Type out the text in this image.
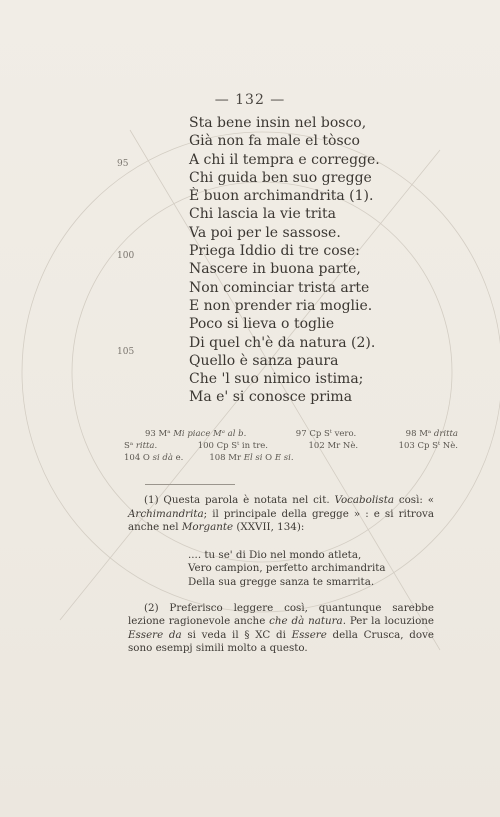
— 132 —
Sta bene insin nel bosco,
Già non fa male el tòsco
A chi il tempra e corregge.
Chi guida ben suo gregge
È buon archimandrita (1).
Chi lascia la vie trita
Va poi per le sassose.
Priega Iddio di tre cose:
Nascere in buona parte,
Non cominciar trista arte
E non prender ria moglie.
Poco si lieva o toglie
Di quel ch'è da natura (2).
Quello è sanza paura
Che 'l suo nimico istima;
Ma e' si conosce prima
95
100
105
93 Mᵃ Mi piace Mᵃ al b.	97 Cp Sᵗ vero.	98 Mᵃ dritta
Sᵃ ritta.	100 Cp Sᵗ in tre.	102 Mr Nè.	103 Cp Sᵗ Nè.
104 O si dà e.	108 Mr El si O E si.

(1) Questa parola è notata nel cit. Vocabolista così: « Archimandrita; il principale della gregge » : e si ritrova anche nel Morgante (XXVII, 134):

.... tu se' di Dio nel mondo atleta,
Vero campion, perfetto archimandrita
Della sua gregge sanza te smarrita.

(2) Preferisco leggere così, quantunque sarebbe lezione ragionevole anche che dà natura. Per la locuzione Essere da si veda il § XC di Essere della Crusca, dove sono esempj simili molto a questo.
